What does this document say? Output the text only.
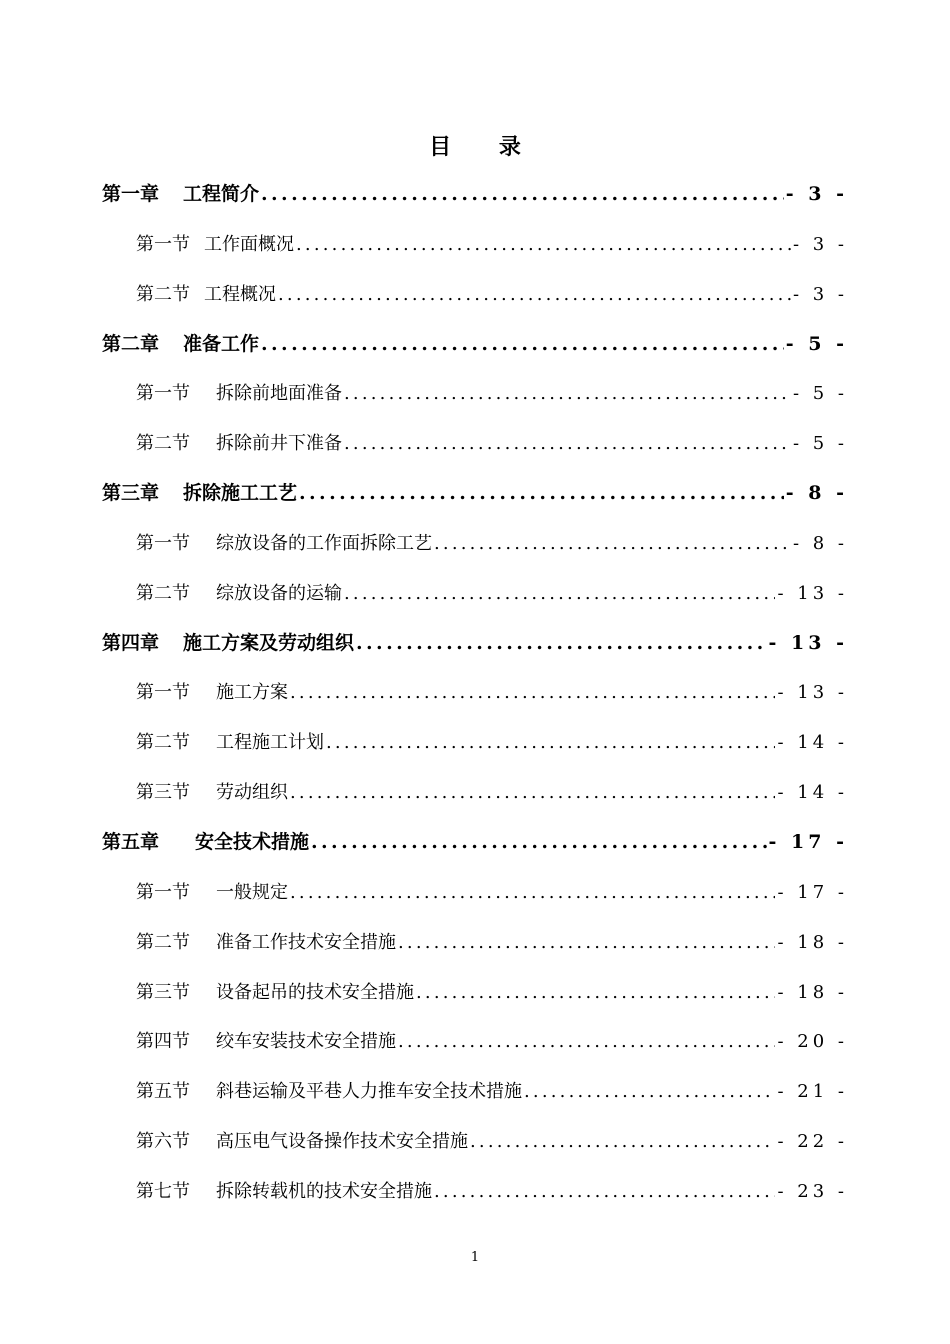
目 录
第一章 工程简介 .....	- 3 -
第一节 工作面概况 .....	- 3 -
第二节 工程概况 .....	- 3 -
第二章 准备工作 .....	- 5 -
第一节 拆除前地面准备 .....	- 5 -
第二节 拆除前井下准备 .....	- 5 -
第三章 拆除施工工艺 .....	- 8 -
第一节 综放设备的工作面拆除工艺 .....	- 8 -
第二节 综放设备的运输 .....	- 13 -
第四章 施工方案及劳动组织 .....	- 13 -
第一节 施工方案 .....	- 13 -
第二节 工程施工计划 .....	- 14 -
第三节 劳动组织 .....	- 14 -
第五章 安全技术措施 .....	- 17 -
第一节 一般规定 .....	- 17 -
第二节 准备工作技术安全措施 .....	- 18 -
第三节 设备起吊的技术安全措施 .....	- 18 -
第四节 绞车安装技术安全措施 .....	- 20 -
第五节 斜巷运输及平巷人力推车安全技术措施 .....	- 21 -
第六节 高压电气设备操作技术安全措施 .....	- 22 -
第七节 拆除转载机的技术安全措施 .....	- 23 -
1
